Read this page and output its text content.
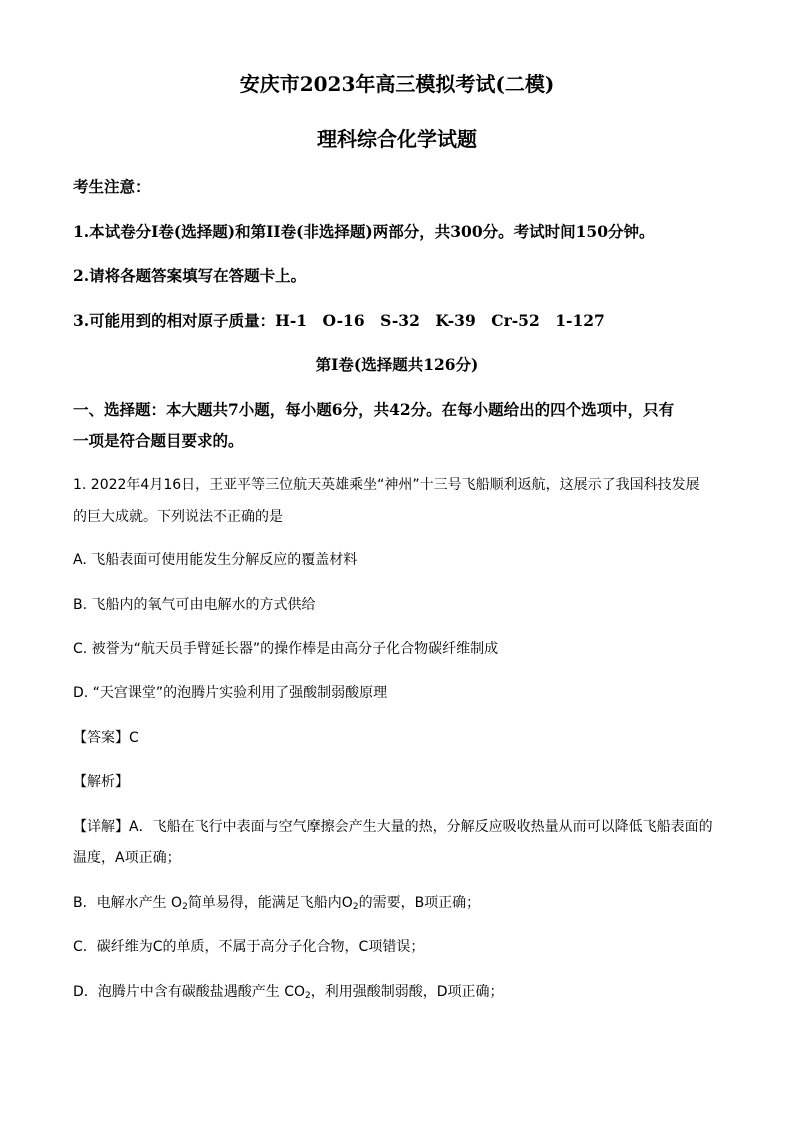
安庆市2023年高三模拟考试(二模)
理科综合化学试题
考生注意：
1.本试卷分I卷(选择题)和第II卷(非选择题)两部分，共300分。考试时间150分钟。
2.请将各题答案填写在答题卡上。
3.可能用到的相对原子质量：H-1　O-16　S-32　K-39　Cr-52　1-127
第I卷(选择题共126分)
一、选择题：本大题共7小题，每小题6分，共42分。在每小题给出的四个选项中，只有
一项是符合题目要求的。
1. 2022年4月16日，王亚平等三位航天英雄乘坐“神州”十三号飞船顺利返航，这展示了我国科技发展
的巨大成就。下列说法不正确的是
A. 飞船表面可使用能发生分解反应的覆盖材料
B. 飞船内的氧气可由电解水的方式供给
C. 被誉为“航天员手臂延长器”的操作棒是由高分子化合物碳纤维制成
D. “天宫课堂”的泡腾片实验利用了强酸制弱酸原理
【答案】C
【解析】
【详解】A．飞船在飞行中表面与空气摩擦会产生大量的热，分解反应吸收热量从而可以降低飞船表面的
温度，A项正确；
B．电解水产生 $O_2$简单易得，能满足飞船内$O_2$的需要，B项正确；
C．碳纤维为C的单质，不属于高分子化合物，C项错误；
D．泡腾片中含有碳酸盐遇酸产生 $CO_2$，利用强酸制弱酸，D项正确；
